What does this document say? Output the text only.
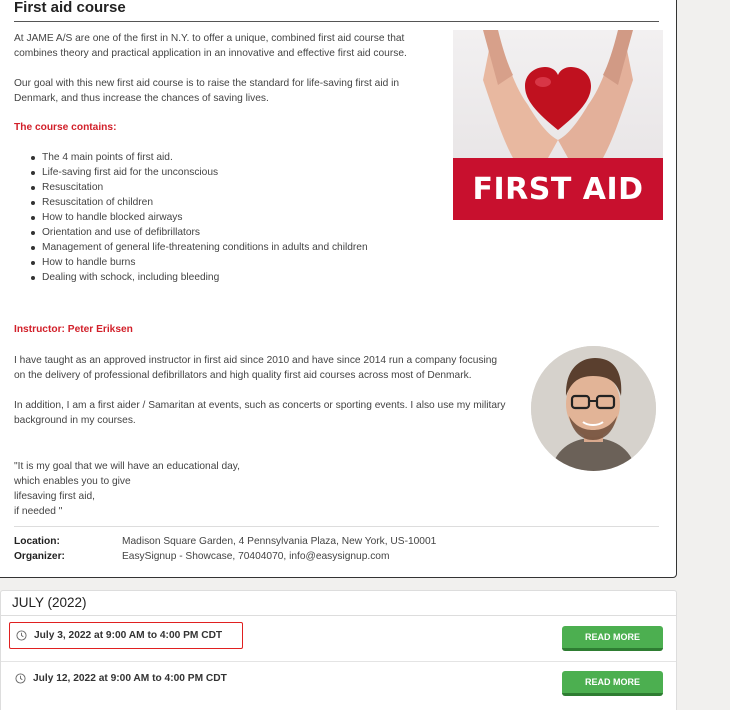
First aid course
At JAME A/S are one of the first in N.Y. to offer a unique, combined first aid course that
combines theory and practical application in an innovative and effective first aid course.
Our goal with this new first aid course is to raise the standard for life-saving first aid in
Denmark, and thus increase the chances of saving lives.
The course contains:
The 4 main points of first aid.
Life-saving first aid for the unconscious
Resuscitation
Resuscitation of children
How to handle blocked airways
Orientation and use of defibrillators
Management of general life-threatening conditions in adults and children
How to handle burns
Dealing with schock, including bleeding
FIRST AID
Instructor: Peter Eriksen
I have taught as an approved instructor in first aid since 2010 and have since 2014 run a company focusing
on the delivery of professional defibrillators and high quality first aid courses across most of Denmark.
In addition, I am a first aider / Samaritan at events, such as concerts or sporting events. I also use my military
background in my courses.
"It is my goal that we will have an educational day,
which enables you to give
lifesaving first aid,
if needed "
Location:	Madison Square Garden, 4 Pennsylvania Plaza, New York, US-10001
Organizer:	EasySignup - Showcase, 70404070, info@easysignup.com
JULY (2022)
July 3, 2022 at 9:00 AM to 4:00 PM CDT	READ MORE
July 12, 2022 at 9:00 AM to 4:00 PM CDT	READ MORE
